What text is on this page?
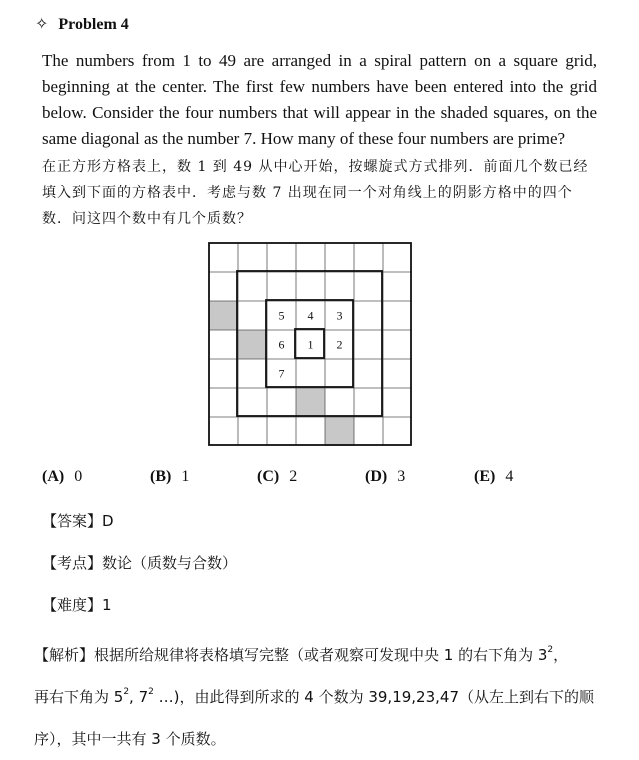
✧ Problem 4
The numbers from 1 to 49 are arranged in a spiral pattern on a square grid, beginning at the center. The first few numbers have been entered into the grid below. Consider the four numbers that will appear in the shaded squares, on the same diagonal as the number 7. How many of these four numbers are prime?
在正方形方格表上，数 1 到 49 从中心开始，按螺旋式方式排列．前面几个数已经
填入到下面的方格表中．考虑与数 7 出现在同一个对角线上的阴影方格中的四个
数．问这四个数中有几个质数？
5 4 3
6 1 2
7
(A) 0	(B) 1	(C) 2	(D) 3	(E) 4
【答案】D
【考点】数论（质数与合数）
【难度】1
【解析】根据所给规律将表格填写完整（或者观察可发现中央 1 的右下角为 $3^2$，
再右下角为 $5^2$, $7^2$ …)，由此得到所求的 4 个数为 39,19,23,47（从左上到右下的顺序），其中一共有 3 个质数。
